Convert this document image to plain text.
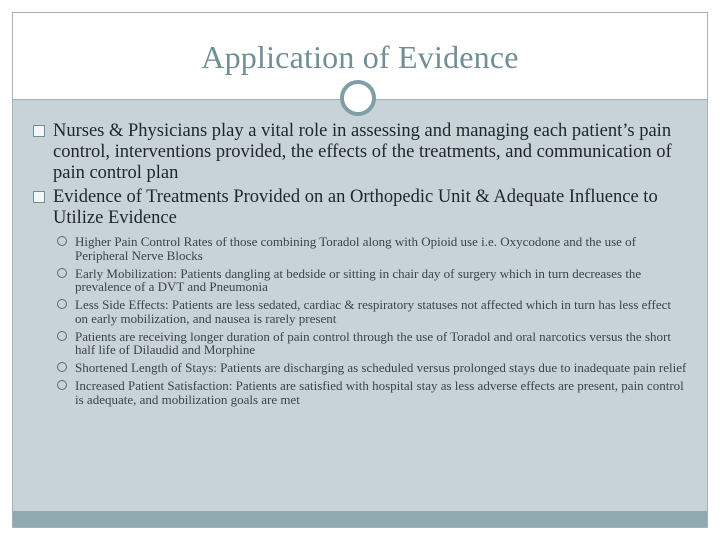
Application of Evidence
Nurses & Physicians play a vital role in assessing and managing each patient’s pain control, interventions provided, the effects of the treatments, and communication of pain control plan
Evidence of Treatments Provided on an Orthopedic Unit & Adequate Influence to Utilize Evidence
Higher Pain Control Rates of those combining Toradol along with Opioid use i.e. Oxycodone and the use of Peripheral Nerve Blocks
Early Mobilization: Patients dangling at bedside or sitting in chair day of surgery which in turn decreases the prevalence of a DVT and Pneumonia
Less Side Effects: Patients are less sedated, cardiac & respiratory statuses not affected which in turn has less effect on early mobilization, and nausea is rarely present
Patients are receiving longer duration of pain control through the use of Toradol and oral narcotics versus the short half life of Dilaudid and Morphine
Shortened Length of Stays: Patients are discharging as scheduled versus prolonged stays due to inadequate pain relief
Increased Patient Satisfaction: Patients are satisfied with hospital stay as less adverse effects are present, pain control is adequate, and mobilization goals are met
